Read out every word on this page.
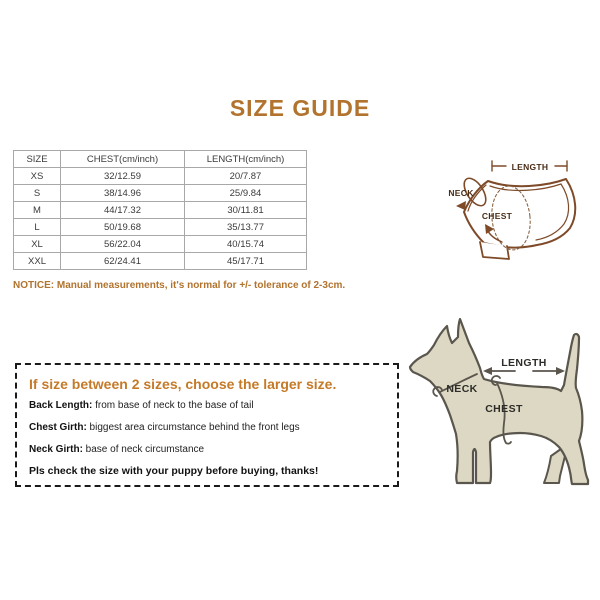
SIZE GUIDE
SIZE	CHEST(cm/inch)	LENGTH(cm/inch)
XS	32/12.59	20/7.87
S	38/14.96	25/9.84
M	44/17.32	30/11.81
L	50/19.68	35/13.77
XL	56/22.04	40/15.74
XXL	62/24.41	45/17.71
NOTICE: Manual measurements, it's normal for +/- tolerance of 2-3cm.
LENGTH
NECK
CHEST
If size between 2 sizes, choose the larger size.
Back Length: from base of neck to the base of tail
Chest Girth: biggest area circumstance behind the front legs
Neck Girth: base of neck circumstance
Pls check the size with your puppy before buying, thanks!
LENGTH
NECK
CHEST
